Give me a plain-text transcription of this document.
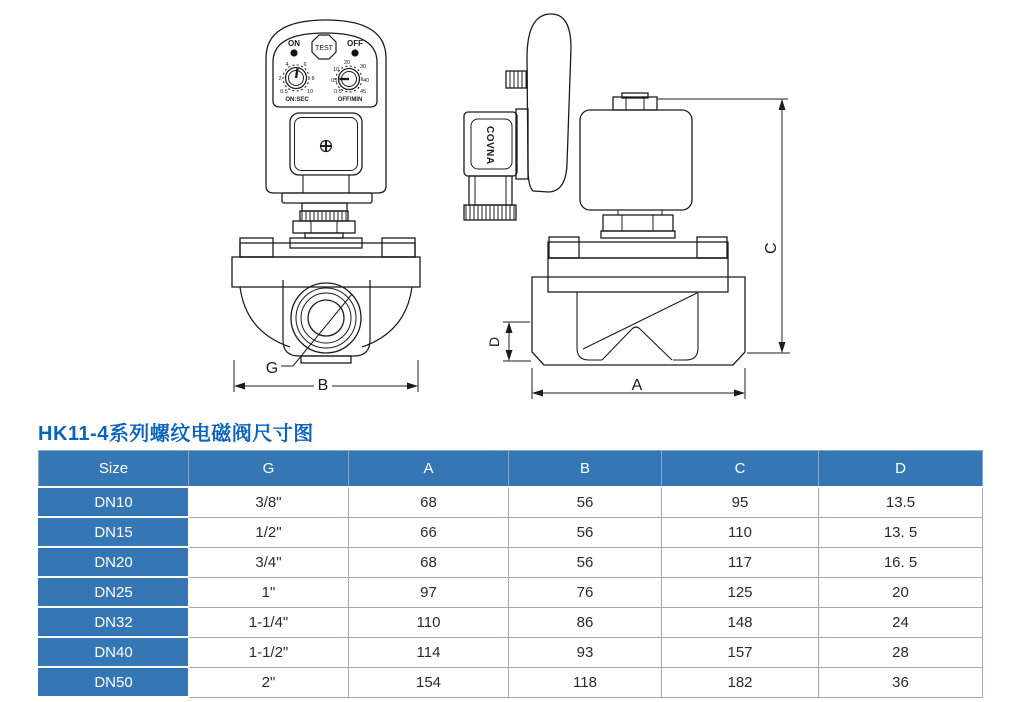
ON
TEST
OFF
0.5
2
4	6
8
10	0.5
05
10
20
30
40
45
ON:SEC	OFF/MIN
G
B
COVNA
D
A
C
HK11-4系列螺纹电磁阀尺寸图
Size	G	A	B	C	D
DN10	3/8"	68	56	95	13.5
DN15	1/2"	66	56	110	13. 5
DN20	3/4"	68	56	117	16. 5
DN25	1"	97	76	125	20
DN32	1-1/4"	110	86	148	24
DN40	1-1/2"	114	93	157	28
DN50	2"	154	118	182	36
